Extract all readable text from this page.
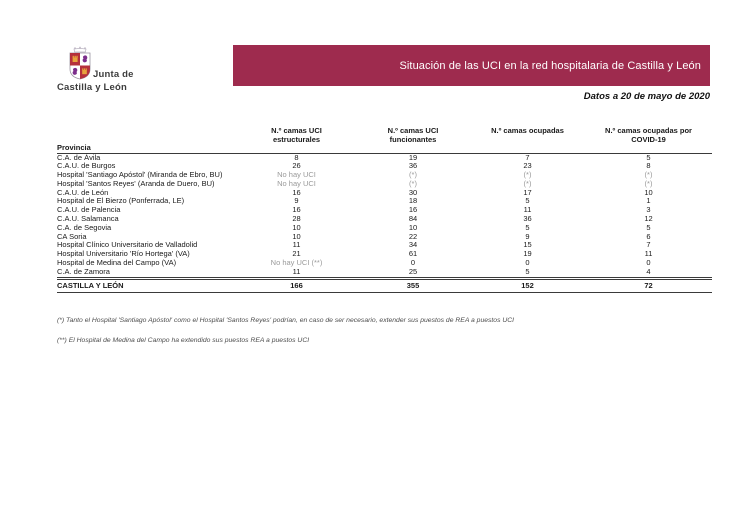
Junta de
Castilla y León
Situación de las UCI en la red hospitalaria de Castilla y León
Datos a 20 de mayo de 2020
Provincia	N.º camas UCI estructurales	N.º camas UCI funcionantes	N.º camas ocupadas	N.º camas ocupadas por COVID-19
C.A. de Ávila	8	19	7	5
C.A.U. de Burgos	26	36	23	8
Hospital 'Santiago Apóstol' (Miranda de Ebro, BU)	No hay UCI	(*)	(*)	(*)
Hospital 'Santos Reyes' (Aranda de Duero, BU)	No hay UCI	(*)	(*)	(*)
C.A.U. de León	16	30	17	10
Hospital de El Bierzo (Ponferrada, LE)	9	18	5	1
C.A.U. de Palencia	16	16	11	3
C.A.U. Salamanca	28	84	36	12
C.A. de Segovia	10	10	5	5
CA Soria	10	22	9	6
Hospital Clínico Universitario de Valladolid	11	34	15	7
Hospital Universitario 'Río Hortega' (VA)	21	61	19	11
Hospital de Medina del Campo (VA)	No hay UCI (**)	0	0	0
C.A. de Zamora	11	25	5	4
CASTILLA Y LEÓN	166	355	152	72
(*) Tanto el Hospital 'Santiago Apóstol' como el Hospital 'Santos Reyes' podrían, en caso de ser necesario, extender sus puestos de REA a puestos UCI
(**) El Hospital de Medina del Campo ha extendido sus puestos REA a puestos UCI
